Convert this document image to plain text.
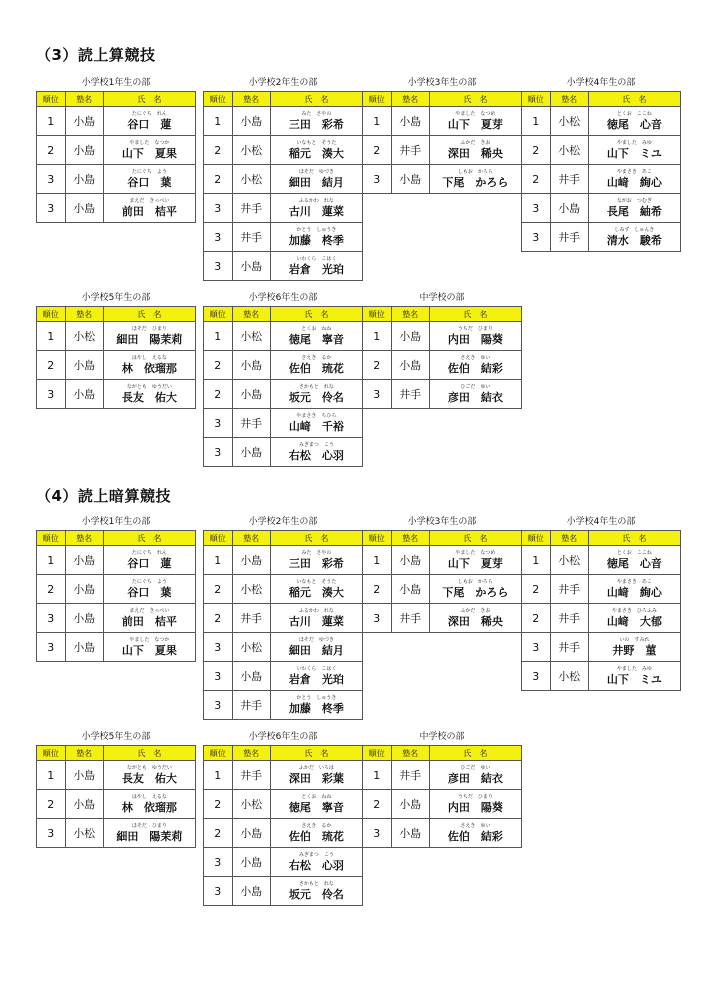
（3）読上算競技
（4）読上暗算競技
小学校1年生の部
順位	塾名	氏　名
1	小島	たにぐち　れん
谷口　蓮

2	小島	やました　なつか
山下　夏果

3	小島	たにぐち　よう
谷口　葉

3	小島	まえだ　きっぺい
前田　桔平
小学校2年生の部
順位	塾名	氏　名
1	小島	みた　さやの
三田　彩希

2	小松	いなもと　そうた
稲元　湊大

2	小松	ほそだ　ゆづき
細田　結月

3	井手	ふるかわ　れな
古川　蓮菜

3	井手	かとう　しゅうき
加藤　柊季

3	小島	いわくら　こはく
岩倉　光珀
小学校3年生の部
順位	塾名	氏　名
1	小島	やました　なつめ
山下　夏芽

2	井手	ふかだ　きお
深田　稀央

3	小島	しもお　かろら
下尾　かろら
小学校4年生の部
順位	塾名	氏　名
1	小松	とくお　ここね
徳尾　心音

2	小松	やました　みゆ
山下　ミユ

2	井手	やまさき　あこ
山﨑　絢心

3	小島	ながお　つむぎ
長尾　紬希

3	井手	しみず　しゅんき
清水　駿希
小学校5年生の部
順位	塾名	氏　名
1	小松	ほそだ　ひまり
細田　陽茉莉

2	小島	はやし　えるな
林　依瑠那

3	小島	ながとも　ゆうだい
長友　佑大
小学校6年生の部
順位	塾名	氏　名
1	小松	とくお　ねね
徳尾　寧音

2	小島	さえき　るか
佐伯　琉花

2	小島	さかもと　れな
坂元　伶名

3	井手	やまさき　ちひろ
山﨑　千裕

3	小島	みぎまつ　こう
右松　心羽
中学校の部
順位	塾名	氏　名
1	小島	うちだ　ひまり
内田　陽葵

2	小島	さえき　ゆい
佐伯　結彩

3	井手	ひごだ　ゆい
彦田　結衣
小学校1年生の部
順位	塾名	氏　名
1	小島	たにぐち　れん
谷口　蓮

2	小島	たにぐち　よう
谷口　葉

3	小島	まえだ　きっぺい
前田　桔平

3	小島	やました　なつか
山下　夏果
小学校2年生の部
順位	塾名	氏　名
1	小島	みた　さやの
三田　彩希

2	小松	いなもと　そうた
稲元　湊大

2	井手	ふるかわ　れな
古川　蓮菜

3	小松	ほそだ　ゆづき
細田　結月

3	小島	いわくら　こはく
岩倉　光珀

3	井手	かとう　しゅうき
加藤　柊季
小学校3年生の部
順位	塾名	氏　名
1	小島	やました　なつめ
山下　夏芽

2	小島	しもお　かろら
下尾　かろら

3	井手	ふかだ　きお
深田　稀央
小学校4年生の部
順位	塾名	氏　名
1	小松	とくお　ここね
徳尾　心音

2	井手	やまさき　あこ
山﨑　絢心

2	井手	やまさき　ひろふみ
山﨑　大郁

3	井手	いの　すみれ
井野　菫

3	小松	やました　みゆ
山下　ミユ
小学校5年生の部
順位	塾名	氏　名
1	小島	ながとも　ゆうだい
長友　佑大

2	小島	はやし　えるな
林　依瑠那

3	小松	ほそだ　ひまり
細田　陽茉莉
小学校6年生の部
順位	塾名	氏　名
1	井手	ふかだ　いろは
深田　彩葉

2	小松	とくお　ねね
徳尾　寧音

2	小島	さえき　るか
佐伯　琉花

3	小島	みぎまつ　こう
右松　心羽

3	小島	さかもと　れな
坂元　伶名
中学校の部
順位	塾名	氏　名
1	井手	ひごだ　ゆい
彦田　結衣

2	小島	うちだ　ひまり
内田　陽葵

3	小島	さえき　ゆい
佐伯　結彩
